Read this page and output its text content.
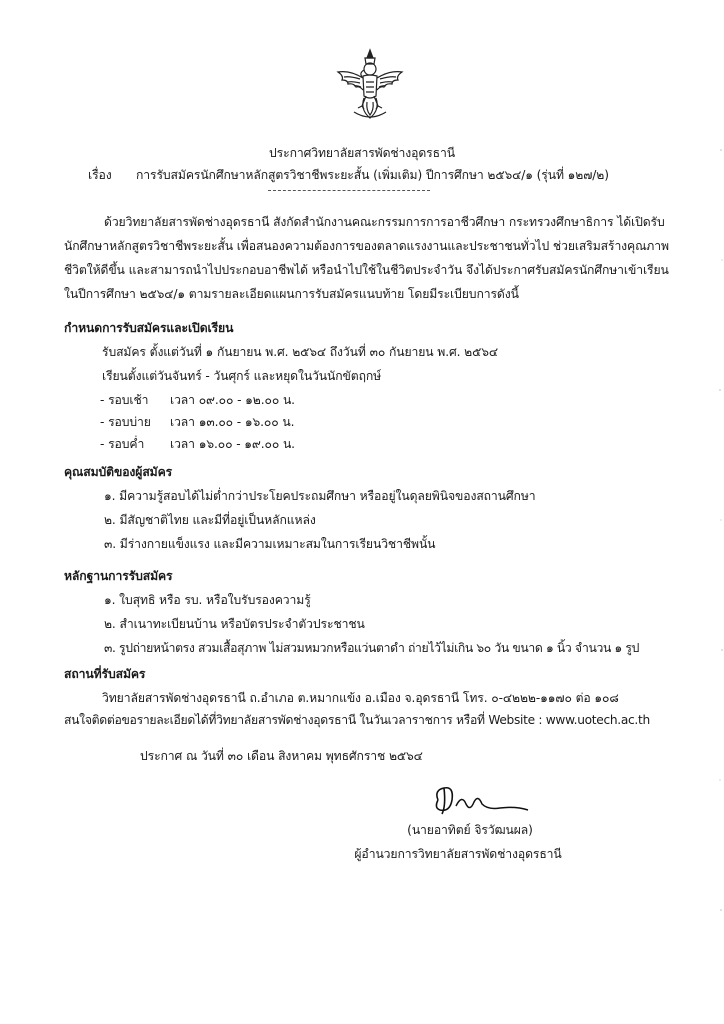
ประกาศวิทยาลัยสารพัดช่างอุดรธานี
เรื่อง การรับสมัครนักศึกษาหลักสูตรวิชาชีพระยะสั้น (เพิ่มเติม) ปีการศึกษา ๒๕๖๔/๑ (รุ่นที่ ๑๒๗/๒)
ด้วยวิทยาลัยสารพัดช่างอุดรธานี สังกัดสำนักงานคณะกรรมการการอาชีวศึกษา กระทรวงศึกษาธิการ ได้เปิดรับ
นักศึกษาหลักสูตรวิชาชีพระยะสั้น เพื่อสนองความต้องการของตลาดแรงงานและประชาชนทั่วไป ช่วยเสริมสร้างคุณภาพ
ชีวิตให้ดีขึ้น และสามารถนำไปประกอบอาชีพได้ หรือนำไปใช้ในชีวิตประจำวัน จึงได้ประกาศรับสมัครนักศึกษาเข้าเรียน
ในปีการศึกษา ๒๕๖๔/๑ ตามรายละเอียดแผนการรับสมัครแนบท้าย โดยมีระเบียบการดังนี้
กำหนดการรับสมัครและเปิดเรียน
รับสมัคร ตั้งแต่วันที่ ๑ กันยายน พ.ศ. ๒๕๖๔ ถึงวันที่ ๓๐ กันยายน พ.ศ. ๒๕๖๔
เรียนตั้งแต่วันจันทร์ - วันศุกร์ และหยุดในวันนักขัตฤกษ์
- รอบเช้า เวลา ๐๙.๐๐ - ๑๒.๐๐ น.
- รอบบ่าย เวลา ๑๓.๐๐ - ๑๖.๐๐ น.
- รอบค่ำ เวลา ๑๖.๐๐ - ๑๙.๐๐ น.
คุณสมบัติของผู้สมัคร
๑. มีความรู้สอบได้ไม่ต่ำกว่าประโยคประถมศึกษา หรืออยู่ในดุลยพินิจของสถานศึกษา
๒. มีสัญชาติไทย และมีที่อยู่เป็นหลักแหล่ง
๓. มีร่างกายแข็งแรง และมีความเหมาะสมในการเรียนวิชาชีพนั้น
หลักฐานการรับสมัคร
๑. ใบสุทธิ หรือ รบ. หรือใบรับรองความรู้
๒. สำเนาทะเบียนบ้าน หรือบัตรประจำตัวประชาชน
๓. รูปถ่ายหน้าตรง สวมเสื้อสุภาพ ไม่สวมหมวกหรือแว่นตาดำ ถ่ายไว้ไม่เกิน ๖๐ วัน ขนาด ๑ นิ้ว จำนวน ๑ รูป
สถานที่รับสมัคร
วิทยาลัยสารพัดช่างอุดรธานี ถ.อำเภอ ต.หมากแข้ง อ.เมือง จ.อุดรธานี โทร. ๐-๔๒๒๒-๑๑๗๐ ต่อ ๑๐๘
สนใจติดต่อขอรายละเอียดได้ที่วิทยาลัยสารพัดช่างอุดรธานี ในวันเวลาราชการ หรือที่ Website : www.uotech.ac.th
ประกาศ ณ วันที่ ๓๐ เดือน สิงหาคม พุทธศักราช ๒๕๖๔
(นายอาทิตย์ จิรวัฒนผล)
ผู้อำนวยการวิทยาลัยสารพัดช่างอุดรธานี
